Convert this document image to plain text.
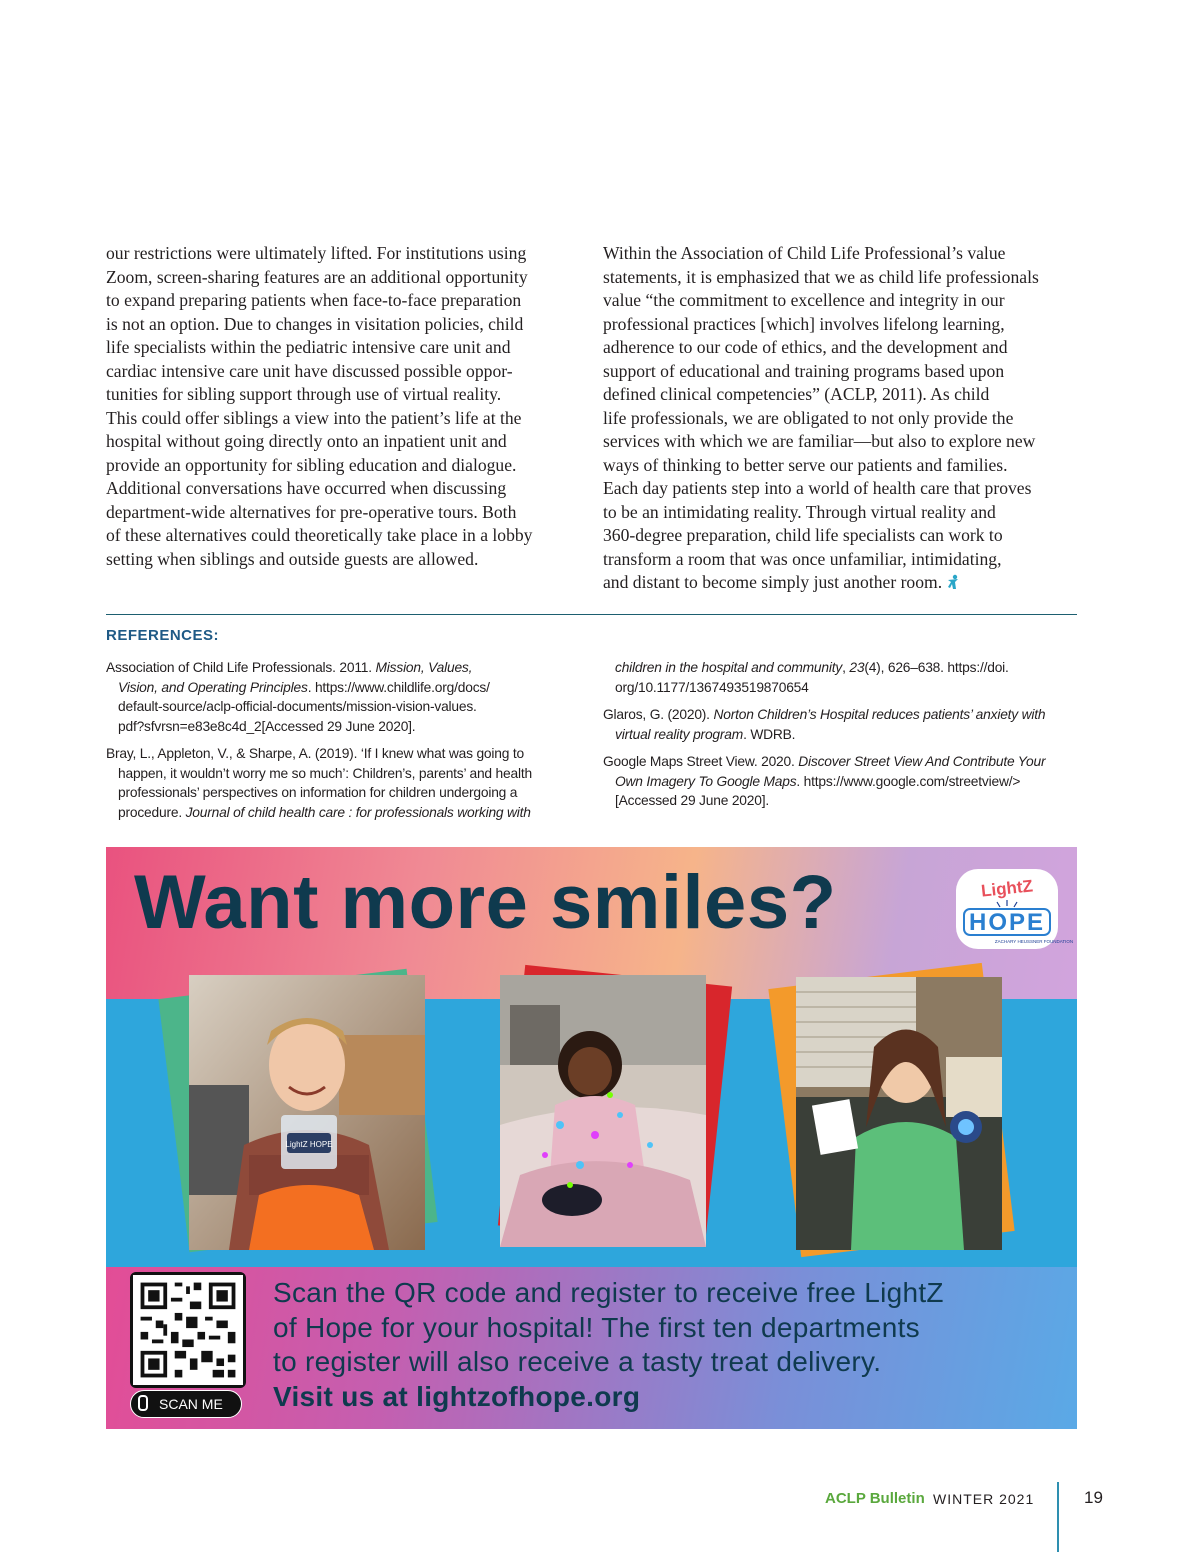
our restrictions were ultimately lifted. For institutions using
Zoom, screen-sharing features are an additional opportunity
to expand preparing patients when face-to-face preparation
is not an option. Due to changes in visitation policies, child
life specialists within the pediatric intensive care unit and
cardiac intensive care unit have discussed possible oppor-
tunities for sibling support through use of virtual reality.
This could offer siblings a view into the patient’s life at the
hospital without going directly onto an inpatient unit and
provide an opportunity for sibling education and dialogue.
Additional conversations have occurred when discussing
department-wide alternatives for pre-operative tours. Both
of these alternatives could theoretically take place in a lobby
setting when siblings and outside guests are allowed.
Within the Association of Child Life Professional’s value
statements, it is emphasized that we as child life professionals
value “the commitment to excellence and integrity in our
professional practices [which] involves lifelong learning,
adherence to our code of ethics, and the development and
support of educational and training programs based upon
defined clinical competencies” (ACLP, 2011). As child
life professionals, we are obligated to not only provide the
services with which we are familiar—but also to explore new
ways of thinking to better serve our patients and families.
Each day patients step into a world of health care that proves
to be an intimidating reality. Through virtual reality and
360-degree preparation, child life specialists can work to
transform a room that was once unfamiliar, intimidating,
and distant to become simply just another room.
REFERENCES:
Association of Child Life Professionals. 2011. Mission, Values,
Vision, and Operating Principles. https://www.childlife.org/docs/
default-source/aclp-official-documents/mission-vision-values.
pdf?sfvrsn=e83e8c4d_2[Accessed 29 June 2020].
Bray, L., Appleton, V., & Sharpe, A. (2019). ‘If I knew what was going to
happen, it wouldn’t worry me so much’: Children’s, parents’ and health
professionals’ perspectives on information for children undergoing a
procedure. Journal of child health care : for professionals working with
children in the hospital and community, 23(4), 626–638. https://doi.
org/10.1177/1367493519870654
Glaros, G. (2020). Norton Children’s Hospital reduces patients’ anxiety with
virtual reality program. WDRB.
Google Maps Street View. 2020. Discover Street View And Contribute Your
Own Imagery To Google Maps. https://www.google.com/streetview/>
[Accessed 29 June 2020].
Want more smiles?	LightZ
HOPE
ZACHARY HEUSSNER FOUNDATION
LightZ HOPE
SCAN ME
Scan the QR code and register to receive free LightZ
of Hope for your hospital! The first ten departments
to register will also receive a tasty treat delivery.
Visit us at lightzofhope.org
ACLP Bulletin WINTER 2021	19
